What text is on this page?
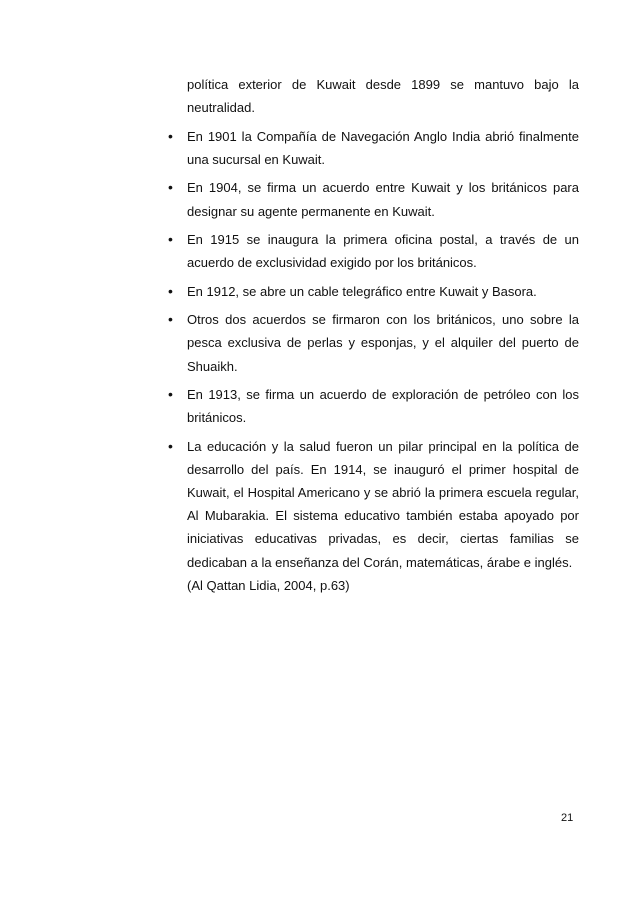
política exterior de Kuwait desde 1899 se mantuvo bajo la
neutralidad.
• En 1901 la Compañía de Navegación Anglo India abrió finalmente
una sucursal en Kuwait.
• En 1904, se firma un acuerdo entre Kuwait y los británicos para
designar su agente permanente en Kuwait.
• En 1915 se inaugura la primera oficina postal, a través de un
acuerdo de exclusividad exigido por los británicos.
• En 1912, se abre un cable telegráfico entre Kuwait y Basora.
• Otros dos acuerdos se firmaron con los británicos, uno sobre la
pesca exclusiva de perlas y esponjas, y el alquiler del puerto de
Shuaikh.
• En 1913, se firma un acuerdo de exploración de petróleo con los
británicos.
• La educación y la salud fueron un pilar principal en la política de
desarrollo del país. En 1914, se inauguró el primer hospital de
Kuwait, el Hospital Americano y se abrió la primera escuela regular,
Al Mubarakia. El sistema educativo también estaba apoyado por
iniciativas educativas privadas, es decir, ciertas familias se
dedicaban a la enseñanza del Corán, matemáticas, árabe e inglés.
(Al Qattan Lidia, 2004, p.63)
21
